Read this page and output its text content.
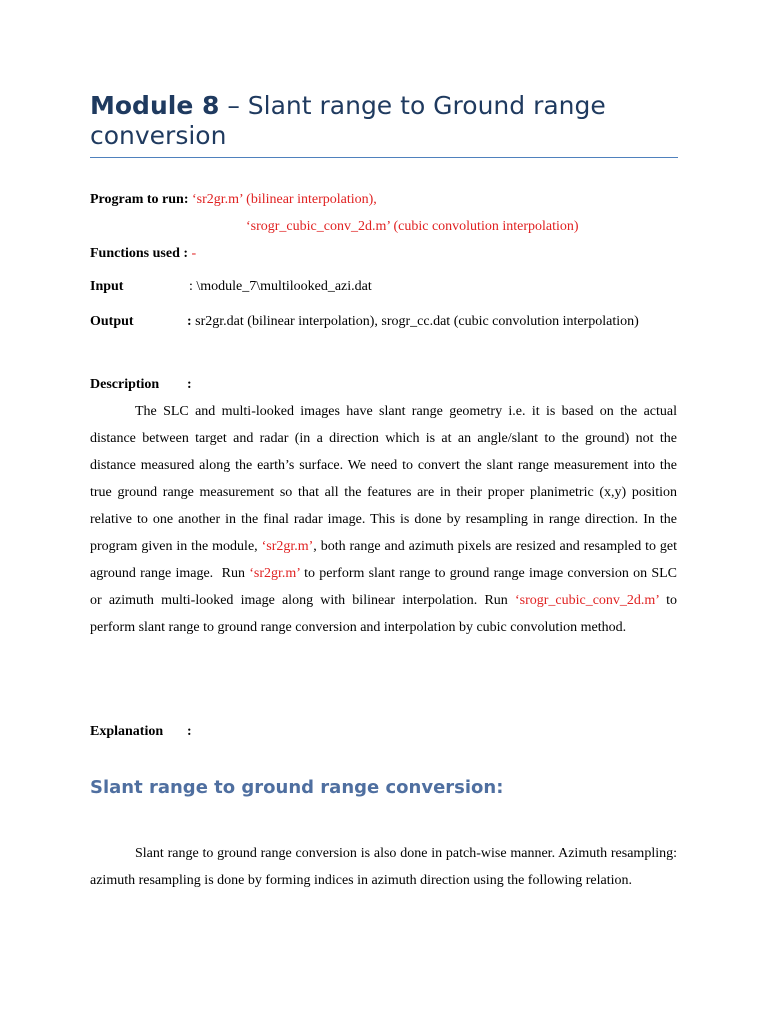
Module 8 – Slant range to Ground range conversion
Program to run: ‘sr2gr.m’ (bilinear interpolation),
‘srogr_cubic_conv_2d.m’ (cubic convolution interpolation)
Functions used : -
Input	: \module_7\multilooked_azi.dat
Output	: sr2gr.dat (bilinear interpolation), srogr_cc.dat (cubic convolution interpolation)
Description :

The SLC and multi-looked images have slant range geometry i.e. it is based on the actual distance between target and radar (in a direction which is at an angle/slant to the ground) not the distance measured along the earth’s surface. We need to convert the slant range measurement into the true ground range measurement so that all the features are in their proper planimetric (x,y) position relative to one another in the final radar image. This is done by resampling in range direction. In the program given in the module, ‘sr2gr.m’, both range and azimuth pixels are resized and resampled to get aground range image.  Run ‘sr2gr.m’ to perform slant range to ground range image conversion on SLC or azimuth multi-looked image along with bilinear interpolation. Run ‘srogr_cubic_conv_2d.m’ to perform slant range to ground range conversion and interpolation by cubic convolution method.

Explanation :
Slant range to ground range conversion:

Slant range to ground range conversion is also done in patch-wise manner. Azimuth resampling: azimuth resampling is done by forming indices in azimuth direction using the following relation.
